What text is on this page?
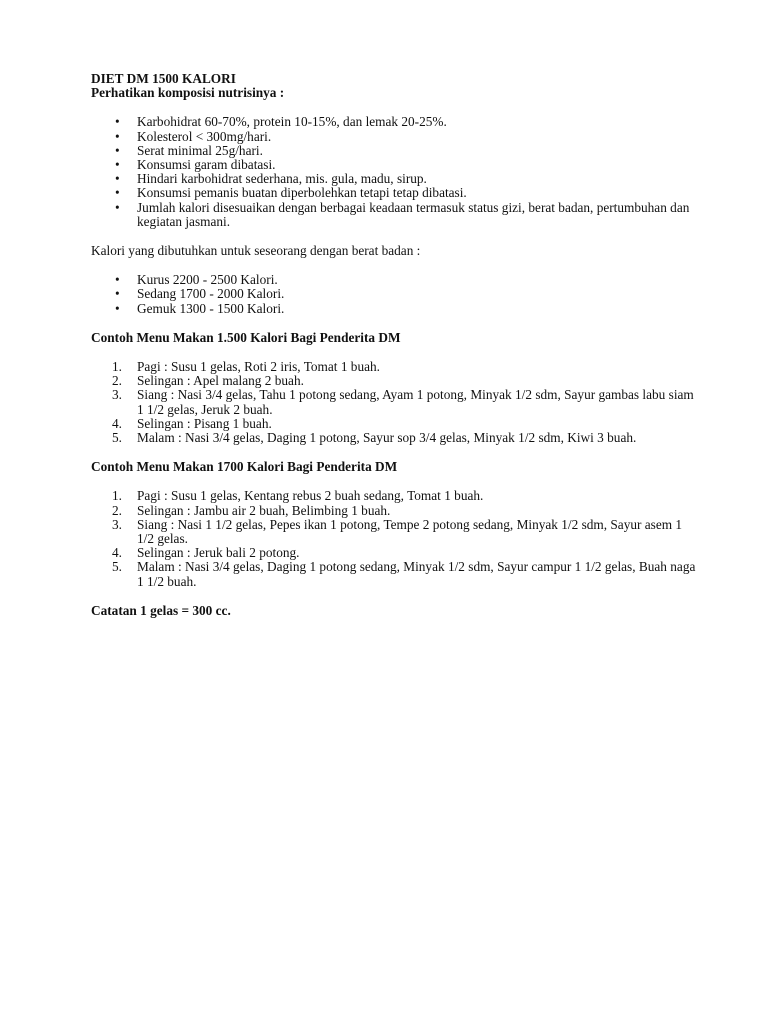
DIET DM 1500 KALORI

Perhatikan komposisi nutrisinya :

• Karbohidrat 60-70%, protein 10-15%, dan lemak 20-25%.
• Kolesterol < 300mg/hari.
• Serat minimal 25g/hari.
• Konsumsi garam dibatasi.
• Hindari karbohidrat sederhana, mis. gula, madu, sirup.
• Konsumsi pemanis buatan diperbolehkan tetapi tetap dibatasi.
• Jumlah kalori disesuaikan dengan berbagai keadaan termasuk status gizi, berat badan, pertumbuhan dan kegiatan jasmani.

Kalori yang dibutuhkan untuk seseorang dengan berat badan :

• Kurus 2200 - 2500 Kalori.
• Sedang 1700 - 2000 Kalori.
• Gemuk 1300 - 1500 Kalori.

Contoh Menu Makan 1.500 Kalori Bagi Penderita DM

1. Pagi : Susu 1 gelas, Roti 2 iris, Tomat 1 buah.
2. Selingan : Apel malang 2 buah.
3. Siang : Nasi 3/4 gelas, Tahu 1 potong sedang, Ayam 1 potong, Minyak 1/2 sdm, Sayur gambas labu siam 1 1/2 gelas, Jeruk 2 buah.
4. Selingan : Pisang 1 buah.
5. Malam : Nasi 3/4 gelas, Daging 1 potong, Sayur sop 3/4 gelas, Minyak 1/2 sdm, Kiwi 3 buah.

Contoh Menu Makan 1700 Kalori Bagi Penderita DM

1. Pagi : Susu 1 gelas, Kentang rebus 2 buah sedang, Tomat 1 buah.
2. Selingan : Jambu air 2 buah, Belimbing 1 buah.
3. Siang : Nasi 1 1/2 gelas, Pepes ikan 1 potong, Tempe 2 potong sedang, Minyak 1/2 sdm, Sayur asem 1 1/2 gelas.
4. Selingan : Jeruk bali 2 potong.
5. Malam : Nasi 3/4 gelas, Daging 1 potong sedang, Minyak 1/2 sdm, Sayur campur 1 1/2 gelas, Buah naga 1 1/2 buah.

Catatan 1 gelas = 300 cc.
